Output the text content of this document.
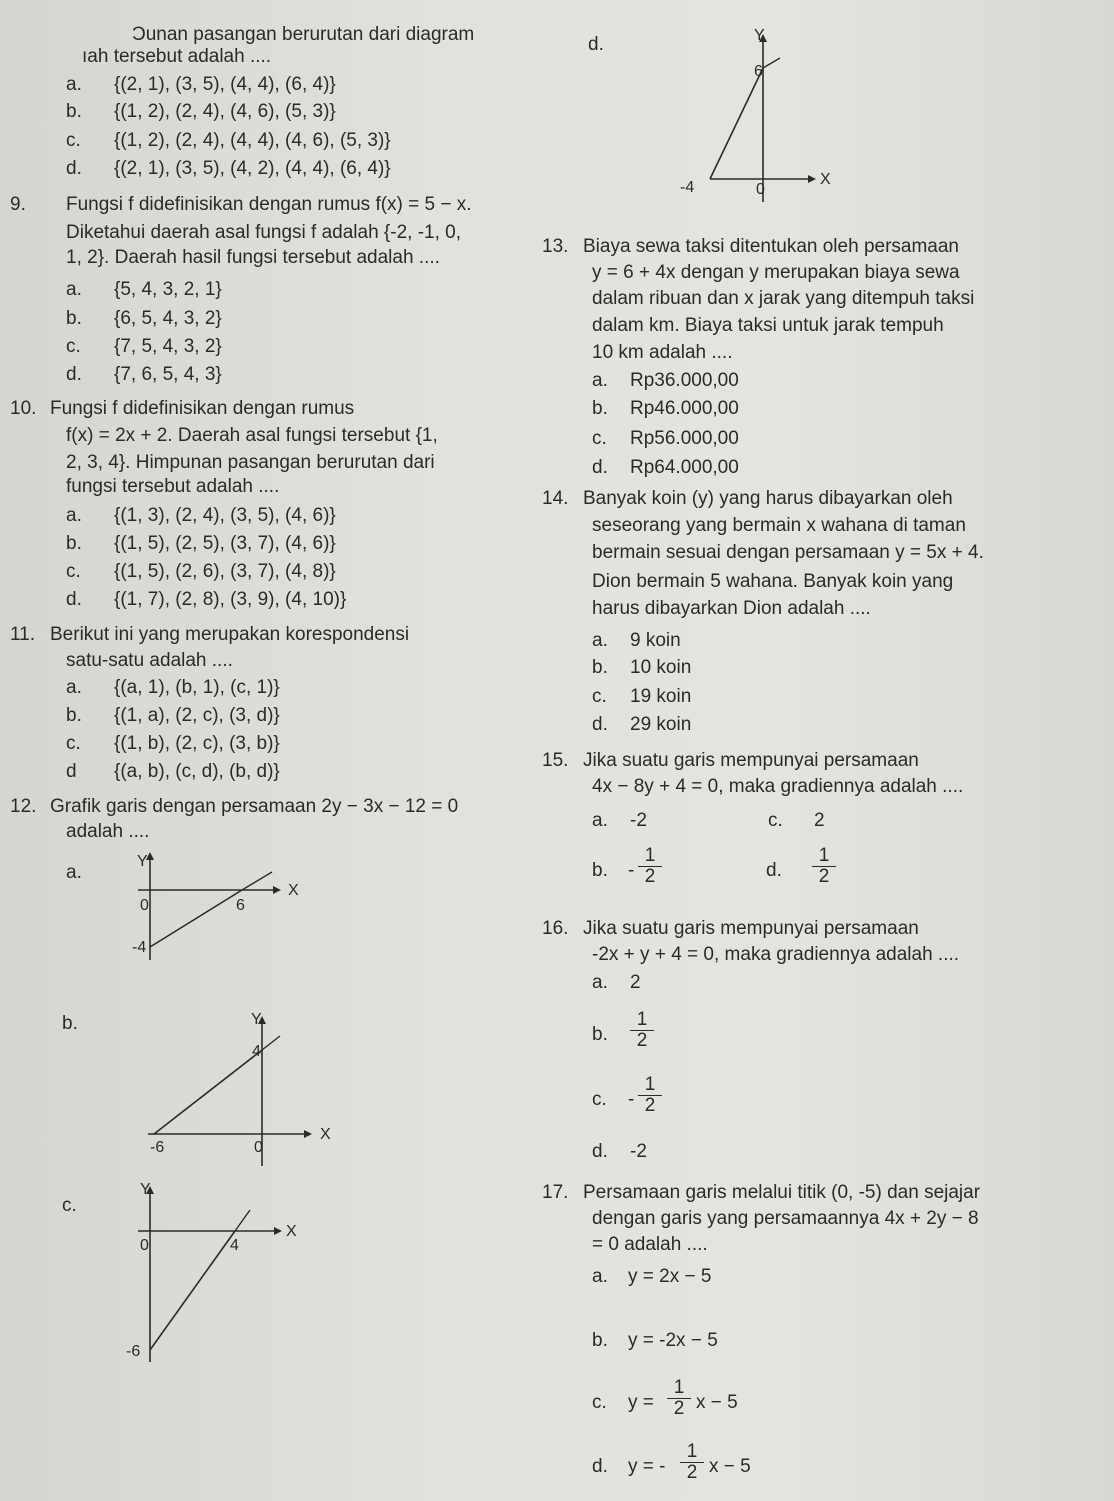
Ɔunan pasangan berurutan dari diagram
ıah tersebut adalah ....
a. {(2, 1), (3, 5), (4, 4), (6, 4)}
b. {(1, 2), (2, 4), (4, 6), (5, 3)}
c. {(1, 2), (2, 4), (4, 4), (4, 6), (5, 3)}
d. {(2, 1), (3, 5), (4, 2), (4, 4), (6, 4)}
d.	Y
X
6
0
-4
9. Fungsi f didefinisikan dengan rumus f(x) = 5 − x.
Diketahui daerah asal fungsi f adalah {-2, -1, 0,
1, 2}. Daerah hasil fungsi tersebut adalah ....
a. {5, 4, 3, 2, 1}
b. {6, 5, 4, 3, 2}
c. {7, 5, 4, 3, 2}
d. {7, 6, 5, 4, 3}
10. Fungsi f didefinisikan dengan rumus
f(x) = 2x + 2. Daerah asal fungsi tersebut {1,
2, 3, 4}. Himpunan pasangan berurutan dari
fungsi tersebut adalah ....
a. {(1, 3), (2, 4), (3, 5), (4, 6)}
b. {(1, 5), (2, 5), (3, 7), (4, 6)}
c. {(1, 5), (2, 6), (3, 7), (4, 8)}
d. {(1, 7), (2, 8), (3, 9), (4, 10)}
11. Berikut ini yang merupakan korespondensi
satu-satu adalah ....
a. {(a, 1), (b, 1), (c, 1)}
b. {(1, a), (2, c), (3, d)}
c. {(1, b), (2, c), (3, b)}
d {(a, b), (c, d), (b, d)}
12. Grafik garis dengan persamaan 2y − 3x − 12 = 0
adalah ....
a.
Y
X
0	6
-4
b.	Y
X
4
0
-6
c.
Y
X
0	4
-6
13. Biaya sewa taksi ditentukan oleh persamaan
y = 6 + 4x dengan y merupakan biaya sewa
dalam ribuan dan x jarak yang ditempuh taksi
dalam km. Biaya taksi untuk jarak tempuh
10 km adalah ....
a. Rp36.000,00
b. Rp46.000,00
c. Rp56.000,00
d. Rp64.000,00
14. Banyak koin (y) yang harus dibayarkan oleh
seseorang yang bermain x wahana di taman
bermain sesuai dengan persamaan y = 5x + 4.
Dion bermain 5 wahana. Banyak koin yang
harus dibayarkan Dion adalah ....
a. 9 koin
b. 10 koin
c. 19 koin
d. 29 koin
15. Jika suatu garis mempunyai persamaan
4x − 8y + 4 = 0, maka gradiennya adalah ....
a. -2	c. 2
b. - $\frac{1}{2}$	d. $\frac{1}{2}$
16. Jika suatu garis mempunyai persamaan
-2x + y + 4 = 0, maka gradiennya adalah ....
a. 2
b. $\frac{1}{2}$
c. - $\frac{1}{2}$
d. -2
17. Persamaan garis melalui titik (0, -5) dan sejajar
dengan garis yang persamaannya 4x + 2y − 8
= 0 adalah ....
a. y = 2x − 5
b. y = -2x − 5
c. $y = \frac{1}{2}$ x − 5
d. y = - $\frac{1}{2}$ x − 5
